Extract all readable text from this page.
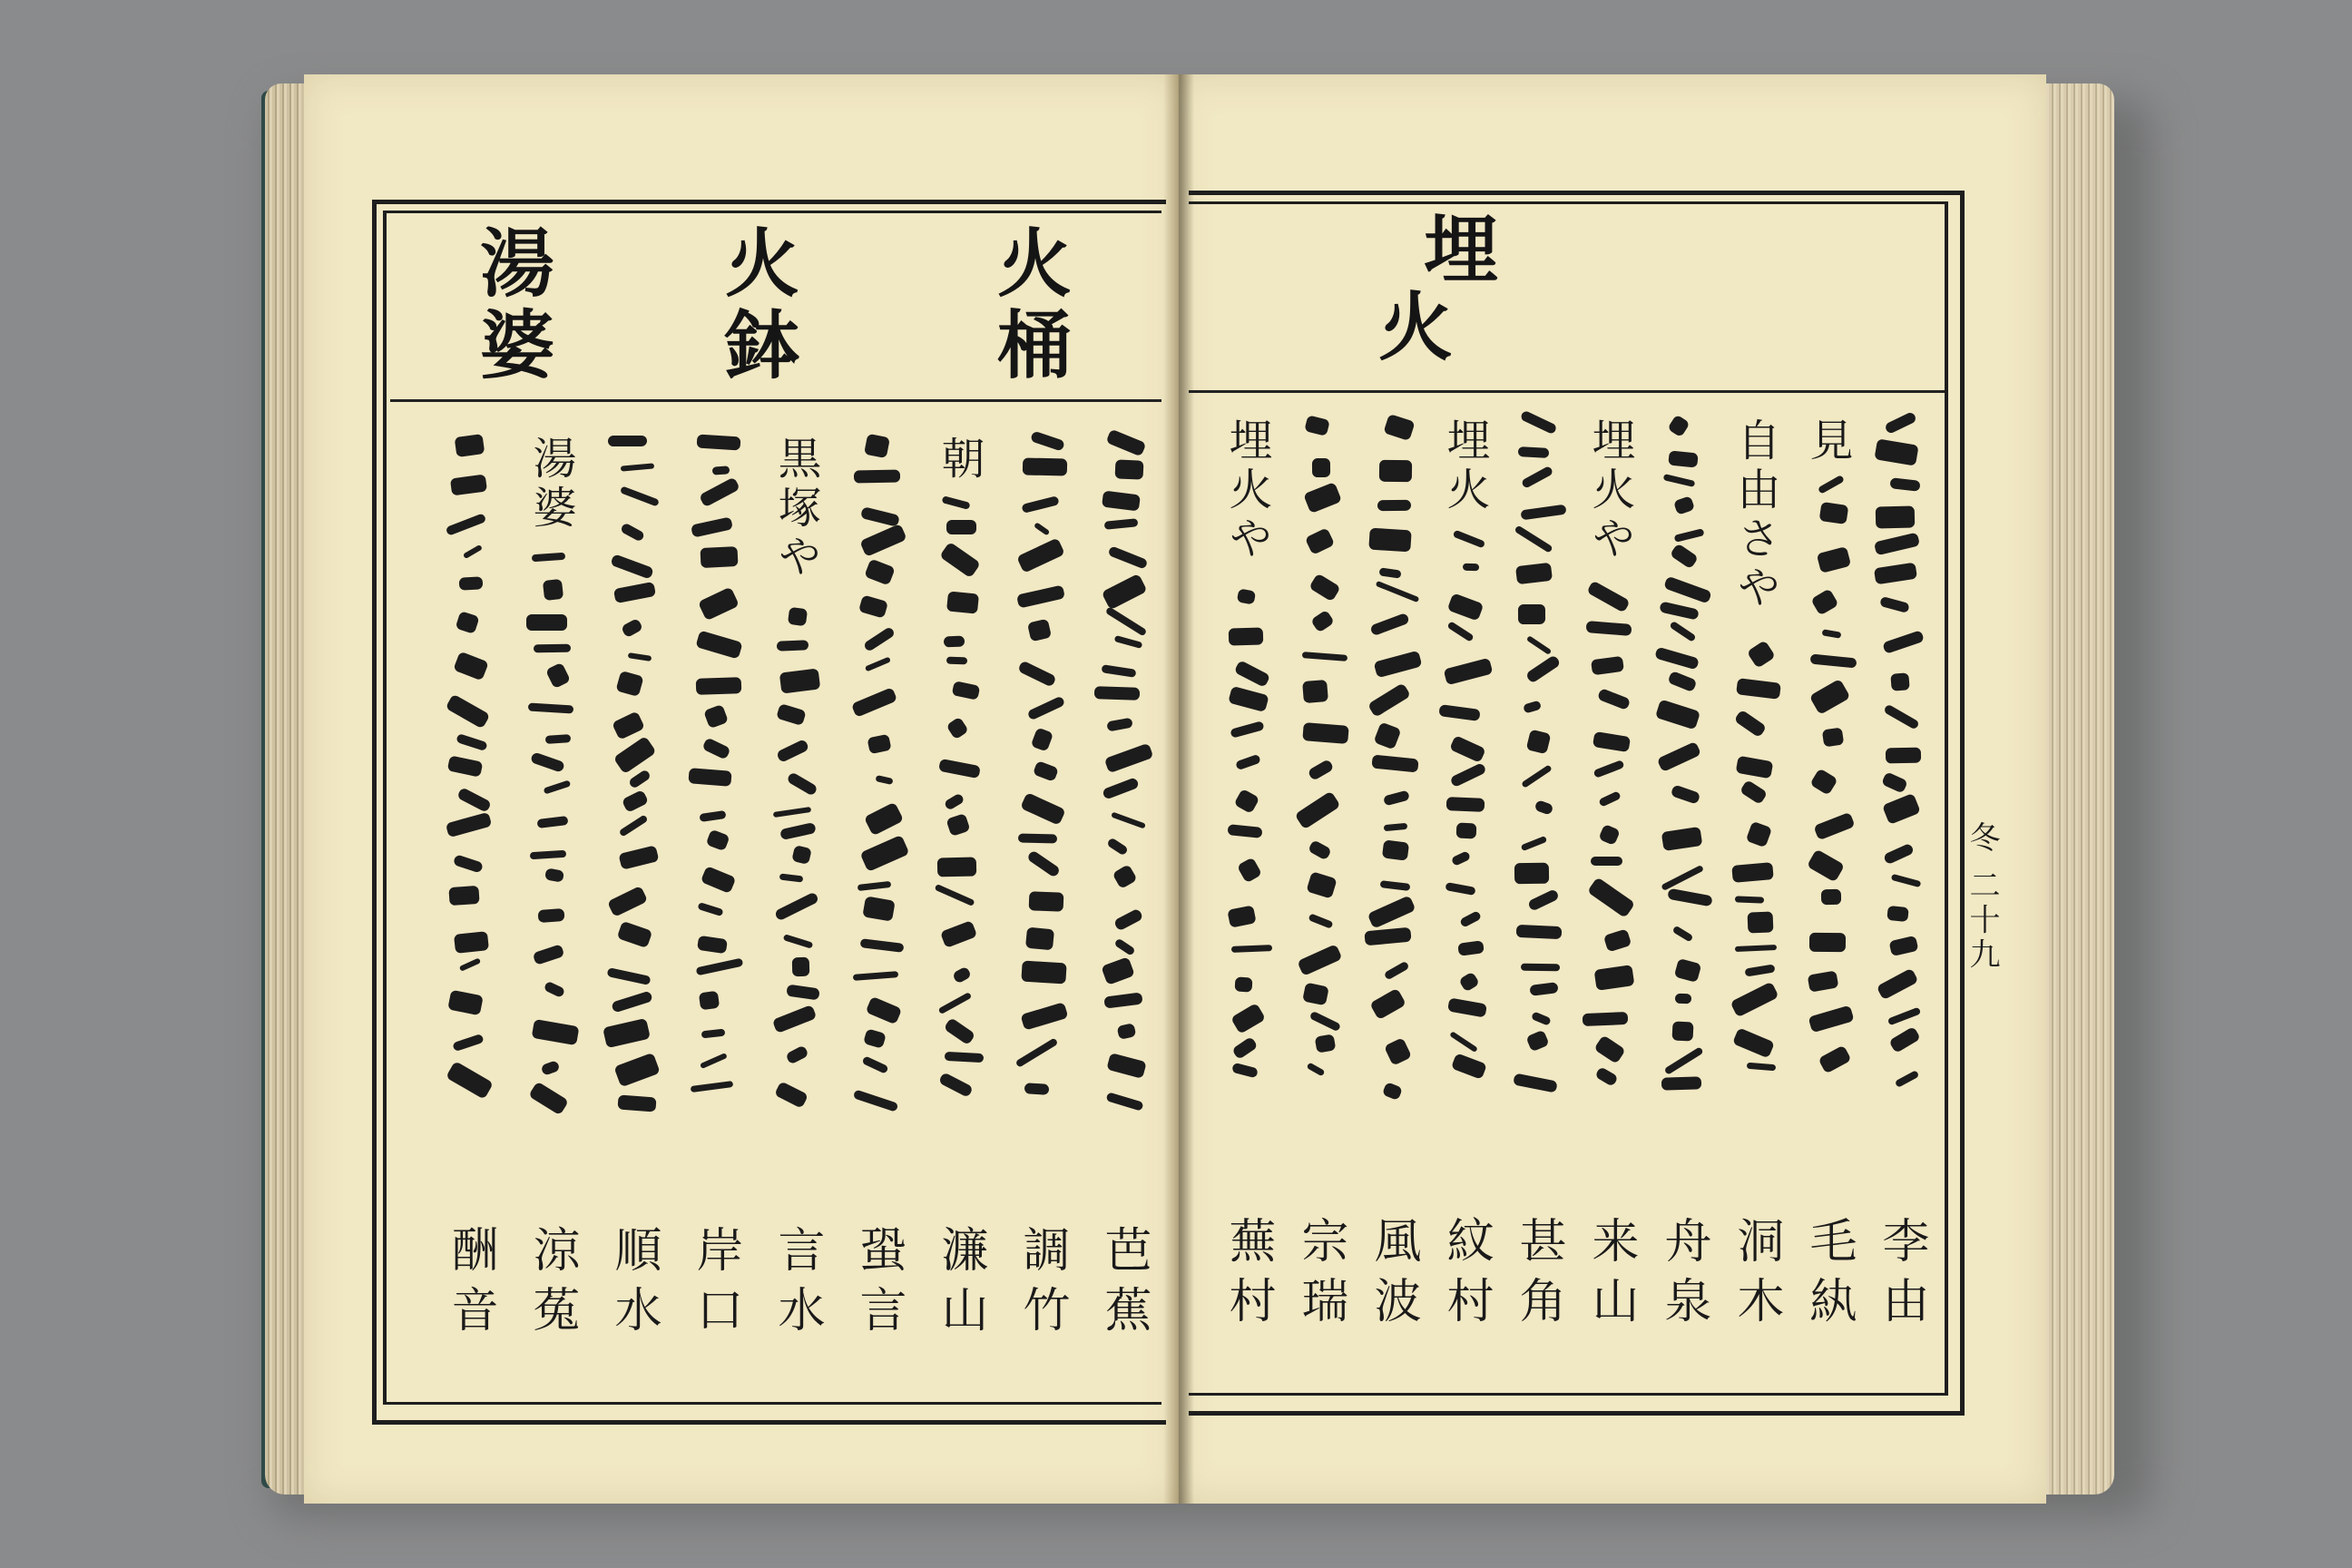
火
桶
火
鉢
湯
婆
埋
火
芭蕉
調竹
朝
濂山
蛩言
黒塚や
言水
岸口
順水
湯婆
涼菟
酬音	李由
見
毛紈
自由さや
洞木
舟泉
埋火や
来山
甚角
埋火
紋村
風波
宗瑞
埋火や
蕪村
冬 二十九
